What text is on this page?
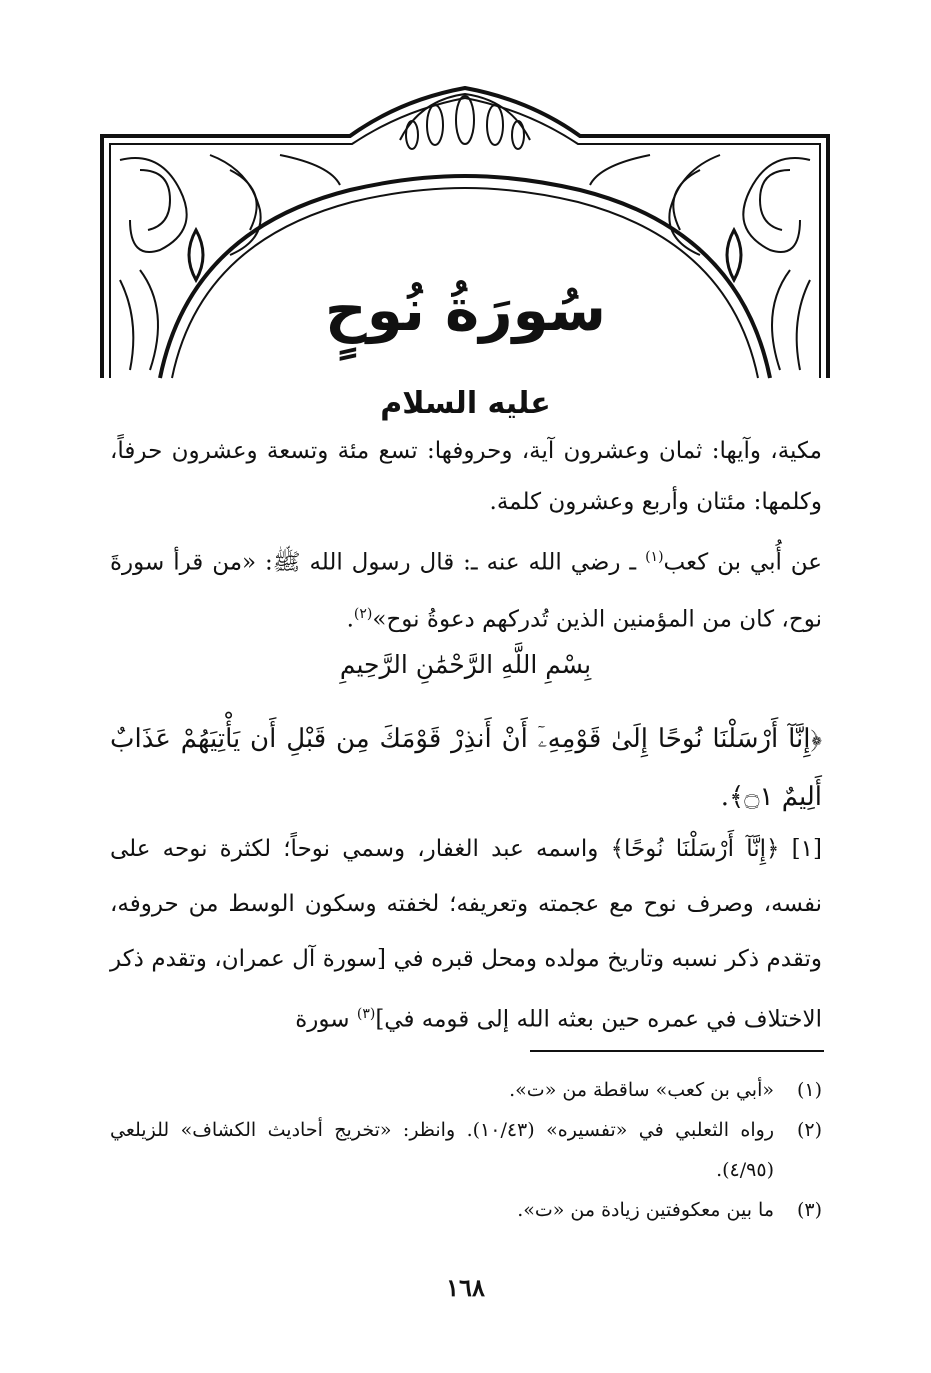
سُورَةُ نُوحٍ
عليه السلام
مكية، وآيها: ثمان وعشرون آية، وحروفها: تسع مئة وتسعة وعشرون حرفاً، وكلمها: مئتان وأربع وعشرون كلمة.
عن أُبي بن كعب$^{(١)}$ ـ رضي الله عنه ـ: قال رسول الله ﷺ: «من قرأ سورةَ نوح، كان من المؤمنين الذين تُدركهم دعوةُ نوح»$^{(٢)}$.
بِسْمِ اللَّهِ الرَّحْمَٰنِ الرَّحِيمِ
﴿إِنَّآ أَرْسَلْنَا نُوحًا إِلَىٰ قَوْمِهِۦٓ أَنْ أَنذِرْ قَوْمَكَ مِن قَبْلِ أَن يَأْتِيَهُمْ عَذَابٌ أَلِيمٌ ۝١﴾.
[١] ﴿إِنَّآ أَرْسَلْنَا نُوحًا﴾ واسمه عبد الغفار، وسمي نوحاً؛ لكثرة نوحه على نفسه، وصرف نوح مع عجمته وتعريفه؛ لخفته وسكون الوسط من حروفه، وتقدم ذكر نسبه وتاريخ مولده ومحل قبره في [سورة آل عمران، وتقدم ذكر الاختلاف في عمره حين بعثه الله إلى قومه في]$^{(٣)}$ سورة
(١)
«أبي بن كعب» ساقطة من «ت».
(٢)
رواه الثعلبي في «تفسيره» (١٠/٤٣). وانظر: «تخريج أحاديث الكشاف» للزيلعي (٤/٩٥).
(٣)
ما بين معكوفتين زيادة من «ت».
١٦٨
